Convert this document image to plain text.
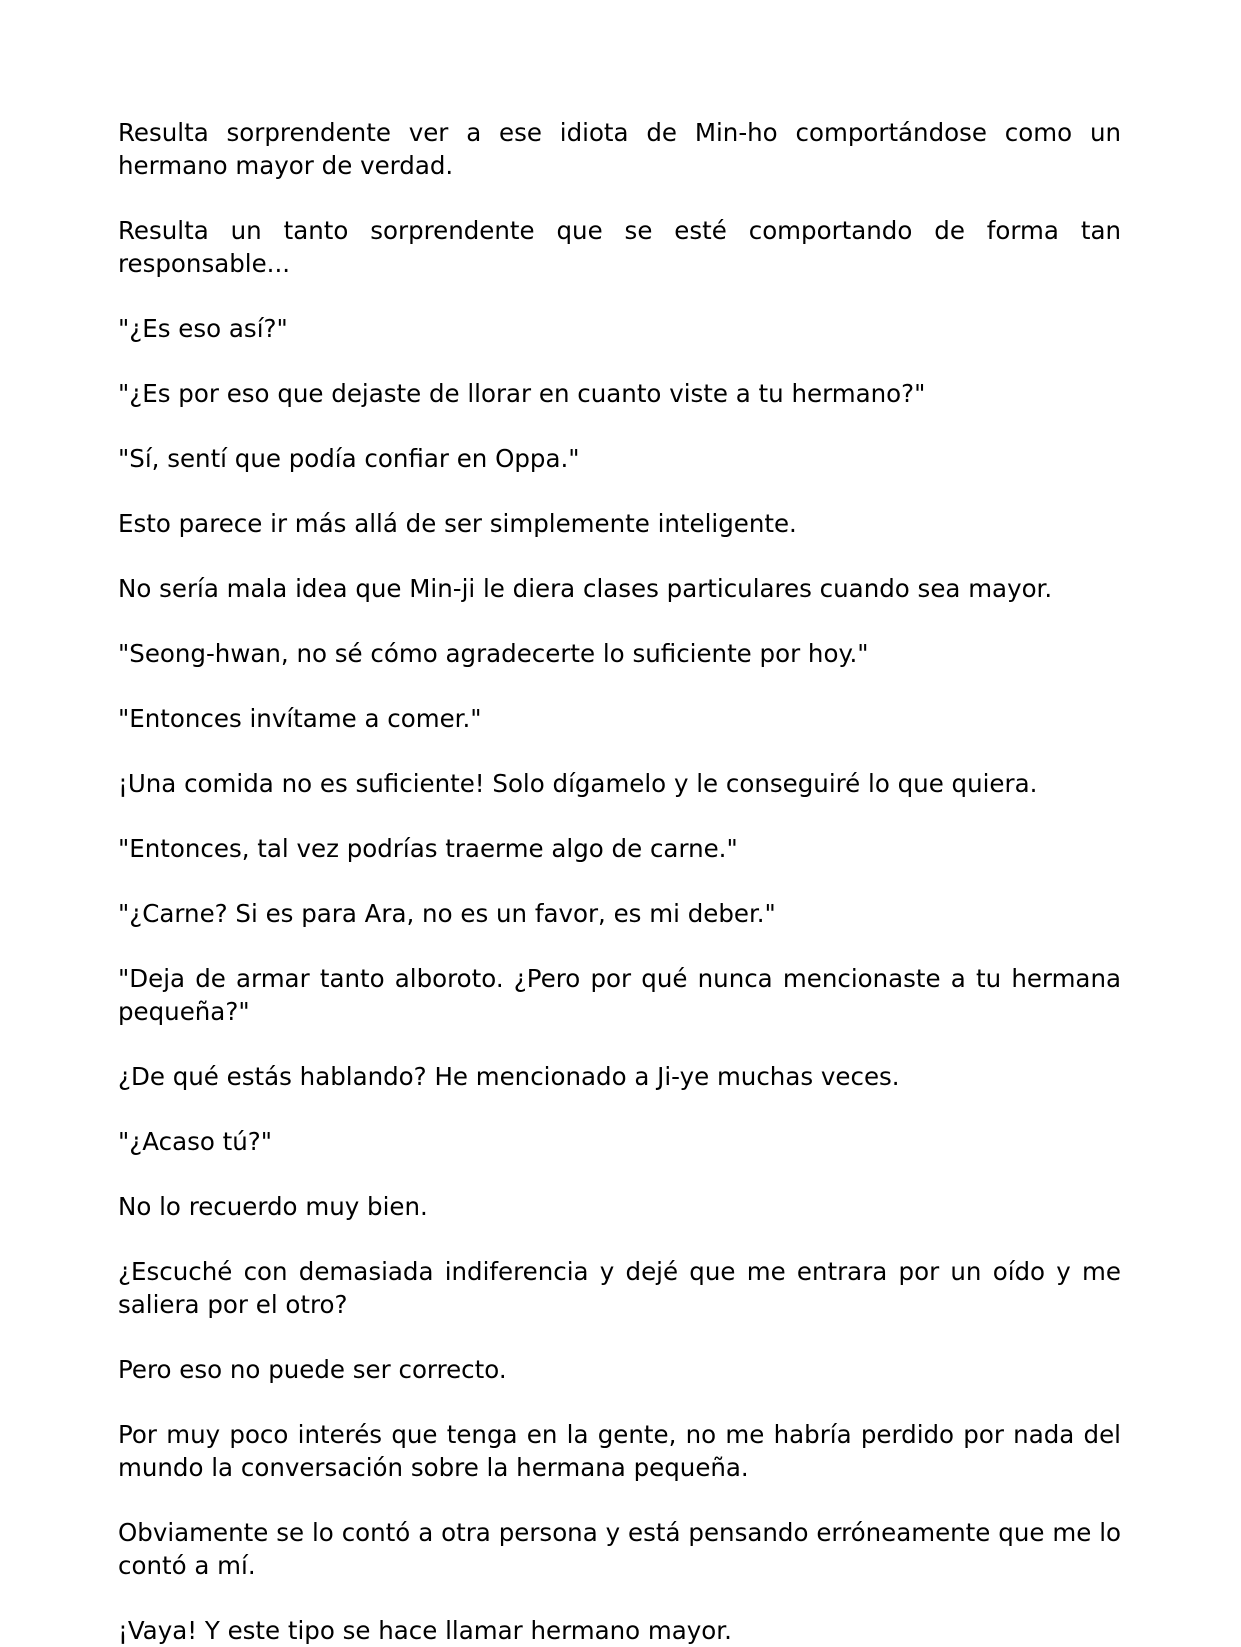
Resulta sorprendente ver a ese idiota de Min-ho comportándose como un hermano mayor de verdad.

Resulta un tanto sorprendente que se esté comportando de forma tan responsable...

"¿Es eso así?"

"¿Es por eso que dejaste de llorar en cuanto viste a tu hermano?"

"Sí, sentí que podía confiar en Oppa."

Esto parece ir más allá de ser simplemente inteligente.

No sería mala idea que Min-ji le diera clases particulares cuando sea mayor.

"Seong-hwan, no sé cómo agradecerte lo suficiente por hoy."

"Entonces invítame a comer."

¡Una comida no es suficiente! Solo dígamelo y le conseguiré lo que quiera.

"Entonces, tal vez podrías traerme algo de carne."

"¿Carne? Si es para Ara, no es un favor, es mi deber."

"Deja de armar tanto alboroto. ¿Pero por qué nunca mencionaste a tu hermana pequeña?"

¿De qué estás hablando? He mencionado a Ji-ye muchas veces.

"¿Acaso tú?"

No lo recuerdo muy bien.

¿Escuché con demasiada indiferencia y dejé que me entrara por un oído y me saliera por el otro?

Pero eso no puede ser correcto.

Por muy poco interés que tenga en la gente, no me habría perdido por nada del mundo la conversación sobre la hermana pequeña.

Obviamente se lo contó a otra persona y está pensando erróneamente que me lo contó a mí.

¡Vaya! Y este tipo se hace llamar hermano mayor.
